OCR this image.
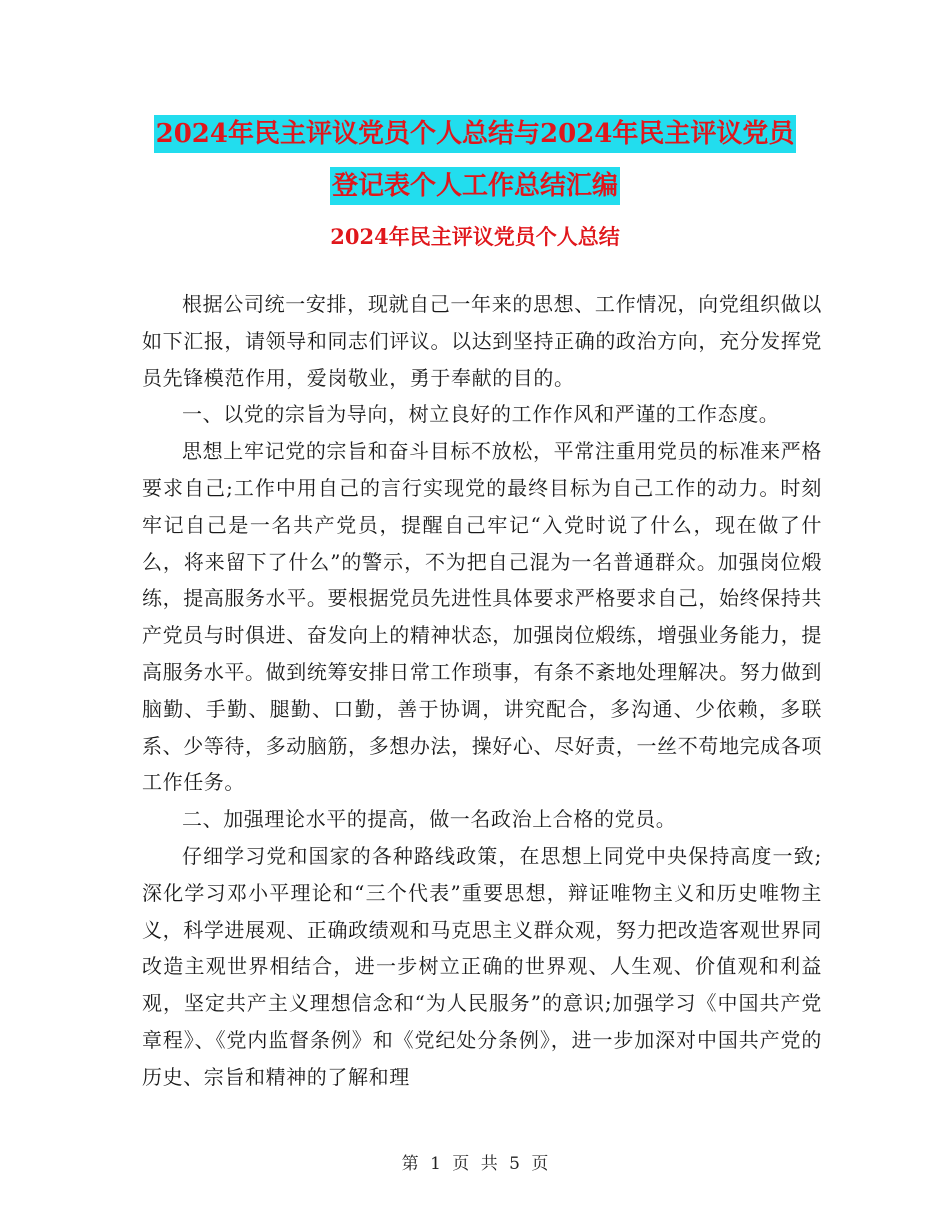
2024年民主评议党员个人总结与2024年民主评议党员
登记表个人工作总结汇编
2024年民主评议党员个人总结

根据公司统一安排，现就自己一年来的思想、工作情况，向党组织做以如下汇报，请领导和同志们评议。以达到坚持正确的政治方向，充分发挥党员先锋模范作用，爱岗敬业，勇于奉献的目的。

一、以党的宗旨为导向，树立良好的工作作风和严谨的工作态度。

思想上牢记党的宗旨和奋斗目标不放松，平常注重用党员的标准来严格要求自己;工作中用自己的言行实现党的最终目标为自己工作的动力。时刻牢记自己是一名共产党员，提醒自己牢记“入党时说了什么，现在做了什么，将来留下了什么”的警示，不为把自己混为一名普通群众。加强岗位煅练，提高服务水平。要根据党员先进性具体要求严格要求自己，始终保持共产党员与时俱进、奋发向上的精神状态，加强岗位煅练，增强业务能力，提高服务水平。做到统筹安排日常工作琐事，有条不紊地处理解决。努力做到脑勤、手勤、腿勤、口勤，善于协调，讲究配合，多沟通、少依赖，多联系、少等待，多动脑筋，多想办法，操好心、尽好责，一丝不苟地完成各项工作任务。

二、加强理论水平的提高，做一名政治上合格的党员。

仔细学习党和国家的各种路线政策，在思想上同党中央保持高度一致;深化学习邓小平理论和“三个代表”重要思想，辩证唯物主义和历史唯物主义，科学进展观、正确政绩观和马克思主义群众观，努力把改造客观世界同改造主观世界相结合，进一步树立正确的世界观、人生观、价值观和利益观，坚定共产主义理想信念和“为人民服务”的意识;加强学习《中国共产党章程》、《党内监督条例》和《党纪处分条例》，进一步加深对中国共产党的历史、宗旨和精神的了解和理

第 1 页 共 5 页
